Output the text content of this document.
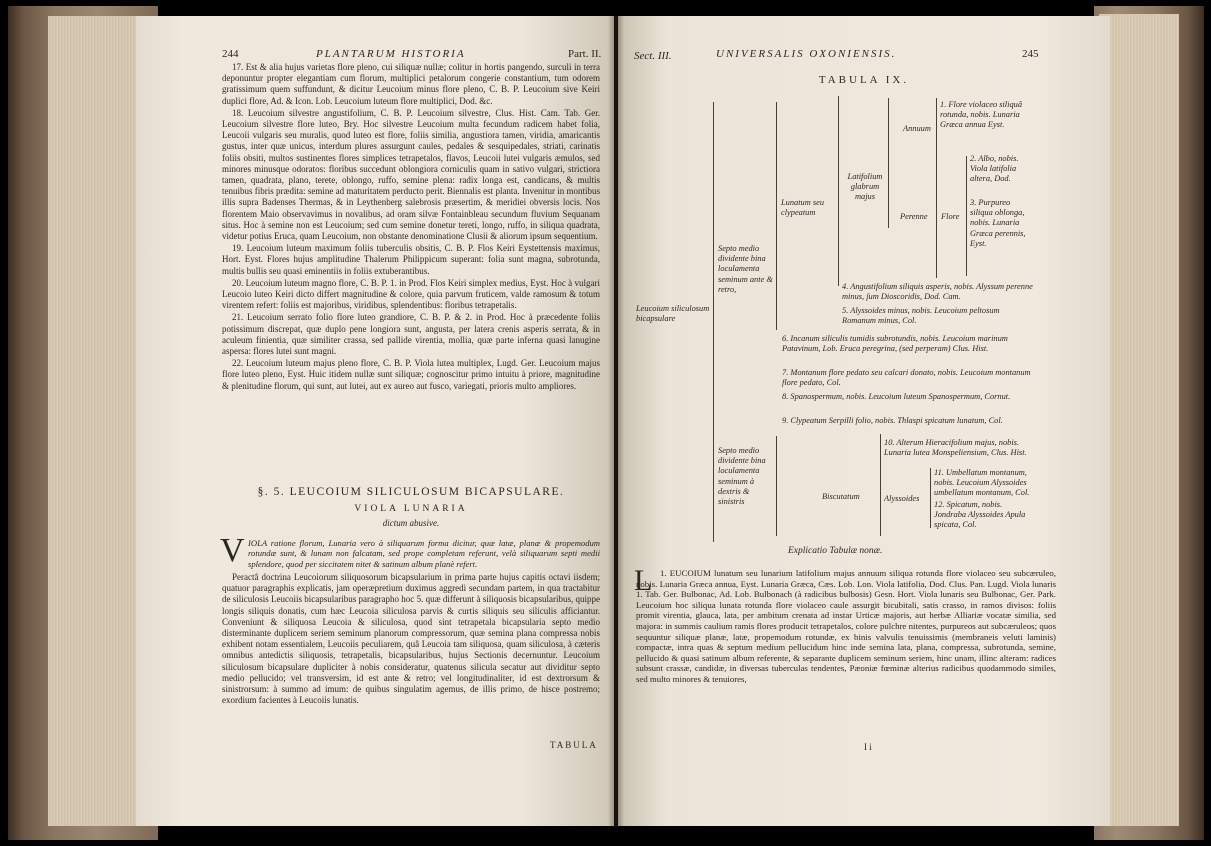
244	PLANTARUM HISTORIA	Part. II.

17. Est & alia hujus varietas flore pleno, cui siliquæ nullæ; colitur in hortis pangendo, surculi in terra deponuntur propter elegantiam cum florum, multiplici petalorum congerie constantium, tum odorem gratissimum quem suffundunt, & dicitur Leucoium minus flore pleno, C. B. P. Leucoium sive Keiri duplici flore, Ad. & Icon. Lob. Leucoium luteum flore multiplici, Dod. &c.

18. Leucoium silvestre angustifolium, C. B. P. Leucoium silvestre, Clus. Hist. Cam. Tab. Ger. Leucoium silvestre flore luteo, Bry. Hoc silvestre Leucoium multa fecundum radicem habet folia, Leucoii vulgaris seu muralis, quod luteo est flore, foliis similia, angustiora tamen, viridia, amaricantis gustus, inter quæ unicus, interdum plures assurgunt caules, pedales & sesquipedales, striati, carinatis foliis obsiti, multos sustinentes flores simplices tetrapetalos, flavos, Leucoii lutei vulgaris æmulos, sed minores minusque odoratos: floribus succedunt oblongiora corniculis quam in sativo vulgari, strictiora tamen, quadrata, plano, terete, oblongo, ruffo, semine plena: radix longa est, candicans, & multis tenuibus fibris prædita: semine ad maturitatem perducto perit. Biennalis est planta. Invenitur in montibus illis supra Badenses Thermas, & in Leythenberg salebrosis præsertim, & meridiei obversis locis. Nos florentem Maio observavimus in novalibus, ad oram silvæ Fontainbleau secundum fluvium Sequanam situs. Hoc à semine non est Leucoium; sed cum semine donetur tereti, longo, ruffo, in siliqua quadrata, videtur potius Eruca, quam Leucoium, non obstante denominatione Clusii & aliorum ipsum sequentium.

19. Leucoium luteum maximum foliis tuberculis obsitis, C. B. P. Flos Keiri Eystettensis maximus, Hort. Eyst. Flores hujus amplitudine Thalerum Philippicum superant: folia sunt magna, subrotunda, multis bullis seu quasi eminentiis in foliis extuberantibus.

20. Leucoium luteum magno flore, C. B. P. 1. in Prod. Flos Keiri simplex medius, Eyst. Hoc à vulgari Leucoio luteo Keiri dicto differt magnitudine & colore, quia parvum fruticem, valde ramosum & totum virentem refert: foliis est majoribus, viridibus, splendentibus: floribus tetrapetalis.

21. Leucoium serrato folio flore luteo grandiore, C. B. P. & 2. in Prod. Hoc à præcedente foliis potissimum discrepat, quæ duplo pene longiora sunt, angusta, per latera crenis asperis serrata, & in aculeum finientia, quæ similiter crassa, sed pallide virentia, mollia, quæ parte inferna quasi lanugine aspersa: flores lutei sunt magni.

22. Leucoium luteum majus pleno flore, C. B. P. Viola lutea multiplex, Lugd. Ger. Leucoium majus flore luteo pleno, Eyst. Huic itidem nullæ sunt siliquæ; cognoscitur primo intuitu à priore, magnitudine & plenitudine florum, qui sunt, aut lutei, aut ex aureo aut fusco, variegati, prioris multo ampliores.

§. 5. LEUCOIUM SILICULOSUM BICAPSULARE.
VIOLA LUNARIA
dictum abusive.
V IOLA ratione florum, Lunaria vero à siliquarum forma dicitur, quæ latæ, planæ & propemodum rotundæ sunt, & lunam non falcatam, sed prope completam referunt, velà siliquarum septi medii splendore, quod per siccitatem nitet & satinum album planè refert.

Peractâ doctrina Leucoiorum siliquosorum bicapsularium in prima parte hujus capitis octavi iisdem; quatuor paragraphis explicatis, jam operæpretium duximus aggredi secundam partem, in qua tractabitur de siliculosis Leucoiis bicapsularibus paragrapho hoc 5. quæ differunt à siliquosis bicapsularibus, quippe longis siliquis donatis, cum hæc Leucoia siliculosa parvis & curtis siliquis seu siliculis afficiantur. Conveniunt & siliquosa Leucoia & siliculosa, quod sint tetrapetala bicapsularia septo medio disterminante duplicem seriem seminum planorum compressorum, quæ semina plana compressa nobis exhibent notam essentialem, Leucoiis peculiarem, quâ Leucoia tam siliquosa, quam siliculosa, à cæteris omnibus antedictis siliquosis, tetrapetalis, bicapsularibus, hujus Sectionis decernuntur. Leucoium siliculosum bicapsulare dupliciter à nobis consideratur, quatenus silicula secatur aut dividitur septo medio pellucido; vel transversim, id est ante & retro; vel longitudinaliter, id est dextrorsum & sinistrorsum: à summo ad imum: de quibus singulatim agemus, de illis primo, de hisce postremo; exordium facientes à Leucoiis lunatis.

TABULA
Sect. III.	UNIVERSALIS OXONIENSIS.	245
TABULA IX.
Leucoium siliculosum bicapsulare
Septo medio dividente bina loculamenta seminum ante & retro,
Septo medio dividente bina loculamenta seminum à dextris & sinistris
Lunatum seu clypeatum
Latifolium glabrum majus
Annuum
Perenne Flore
1. Flore violaceo siliquâ rotunda, nobis. Lunaria Græca annua Eyst.
2. Albo, nobis. Viola latifolia altera, Dod.
3. Purpureo siliqua oblonga, nobis. Lunaria Græca perennis, Eyst.
4. Angustifolium siliquis asperis, nobis. Alyssum perenne minus, ſum Dioscoridis, Dod. Cam.
5. Alyssoides minus, nobis. Leucoium peltosum Romanum minus, Col.
6. Incanum siliculis tumidis subrotundis, nobis. Leucoium marinum Patavinum, Lob. Eruca peregrina, (sed perperam) Clus. Hist.
7. Montanum flore pedato seu calcari donato, nobis. Leucoium montanum flore pedato, Col.
8. Spanospermum, nobis. Leucoium luteum Spanospermum, Cornut.
9. Clypeatum Serpilli folio, nobis. Thlaspi spicatum lunatum, Col.
Biscutatum	Alyssoides
10. Alterum Hieracifolium majus, nobis. Lunaria lutea Monspeliensium, Clus. Hist.
11. Umbellatum montanum, nobis. Leucoium Alyssoides umbellatum montanum, Col.
12. Spicatum, nobis. Jondraba Alyssoides Apula spicata, Col.
Explicatio Tabulæ nonæ.
L 1. EUCOIUM lunatum seu lunarium latifolium majus annuum siliqua rotunda flore violaceo seu subcæruleo, nobis. Lunaria Græca annua, Eyst. Lunaria Græca, Cæs. Lob. Lon. Viola latifolia, Dod. Clus. Pan. Lugd. Viola lunaris 1. Tab. Ger. Bulbonac, Ad. Lob. Bulbonach (à radicibus bulbosis) Gesn. Hort. Viola lunaris seu Bulbonac, Ger. Park. Leucoium hoc siliqua lunata rotunda flore violaceo caule assurgit bicubitali, satis crasso, in ramos divisos: foliis promit virentia, glauca, lata, per ambitum crenata ad instar Urticæ majoris, aut herbæ Alliariæ vocatæ similia, sed majora: in summis caulium ramis flores producit tetrapetalos, colore pulchre nitentes, purpureos aut subcæruleos; quos sequuntur siliquæ planæ, latæ, propemodum rotundæ, ex binis valvulis tenuissimis (membraneis veluti laminis) compactæ, intra quas & septum medium pellucidum hinc inde semina lata, plana, compressa, subrotunda, semine, pellucido & quasi satinum album referente, & separante duplicem seminum seriem, hinc unam, illinc alteram: radices subsunt crassæ, candidæ, in diversas tuberculas tendentes, Pæoniæ fœminæ alterius radicibus quodammodo similes, sed multo minores & tenuiores,
I i
